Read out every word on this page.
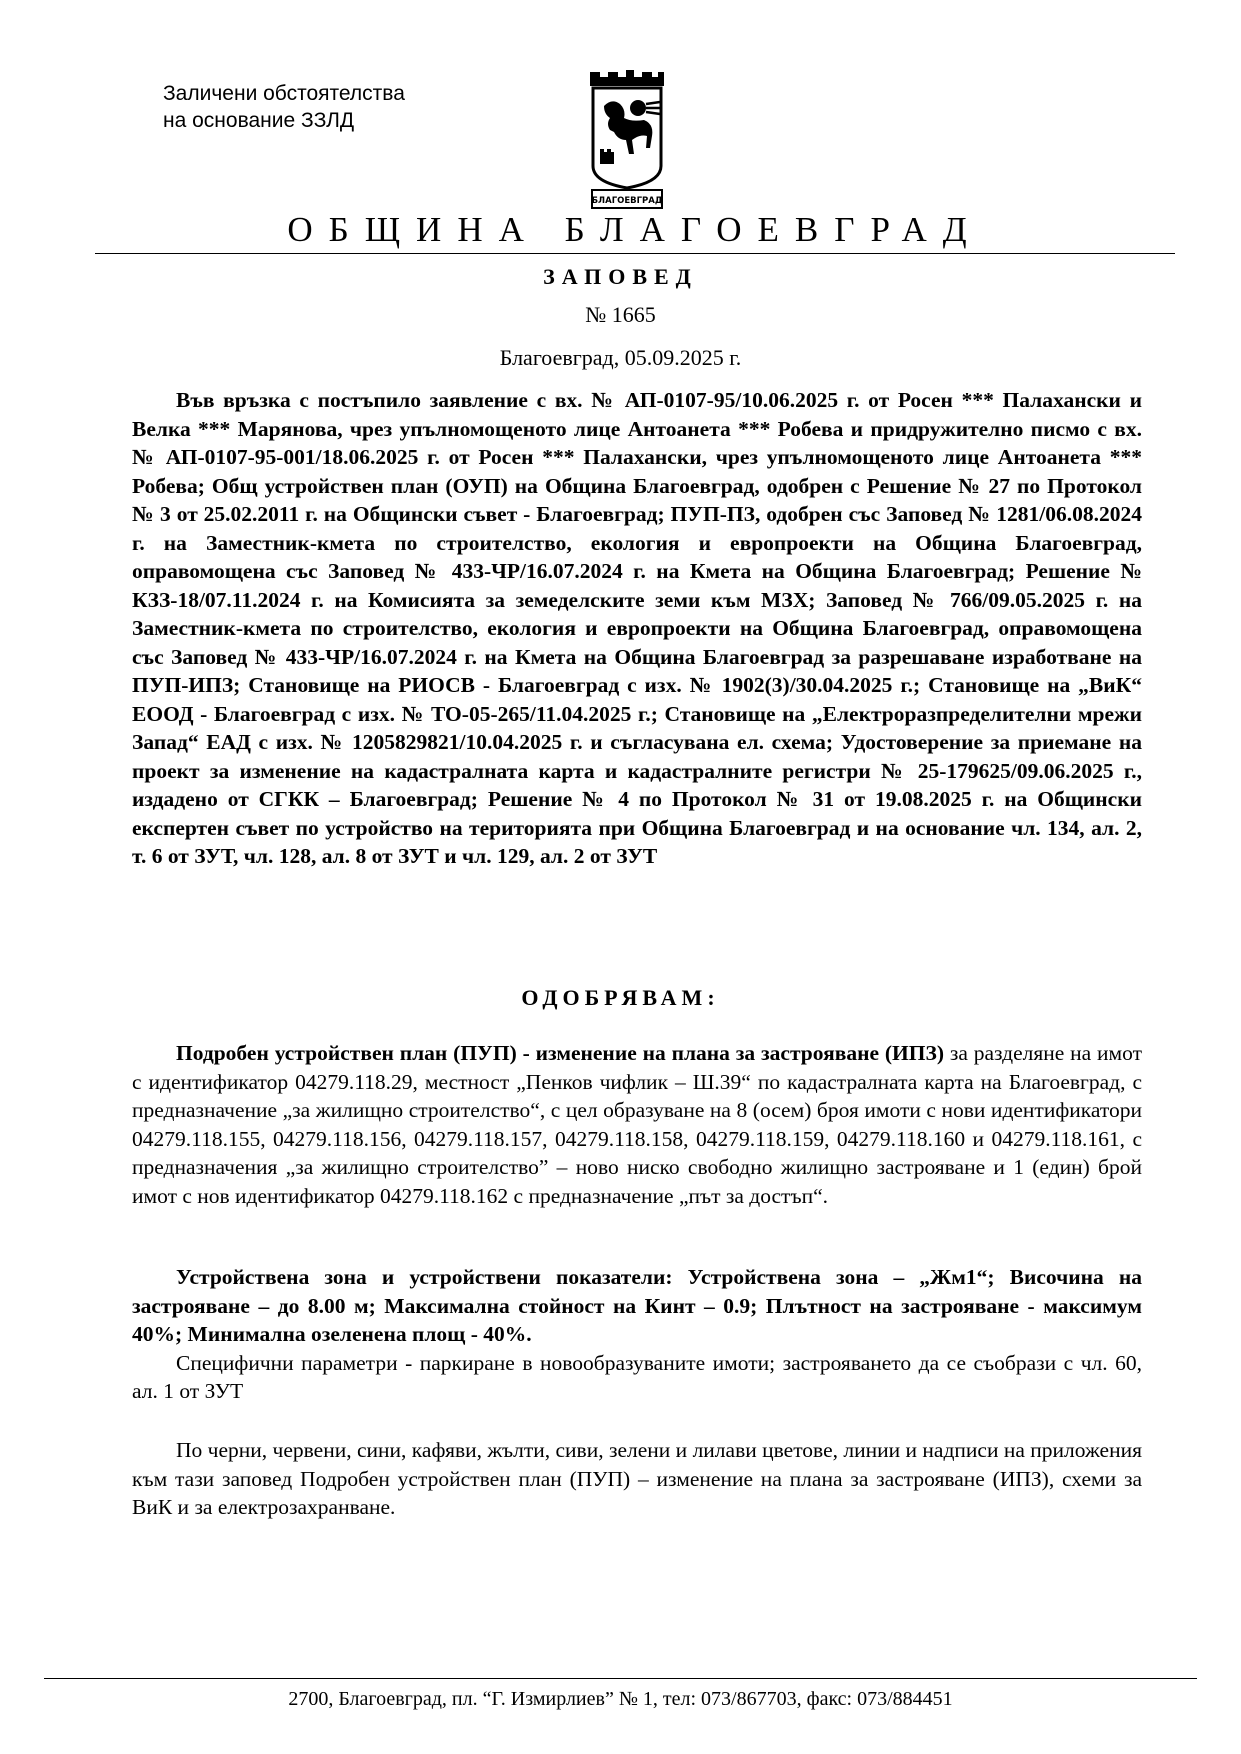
Заличени обстоятелства
на основание ЗЗЛД
БЛАГОЕВГРАД
ОБЩИНА БЛАГОЕВГРАД
ЗАПОВЕД
№ 1665
Благоевград, 05.09.2025 г.

Във връзка с постъпило заявление с вх. № АП-0107-95/10.06.2025 г. от Росен *** Палахански и Велка *** Марянова, чрез упълномощеното лице Антоанета *** Робева и придружително писмо с вх. № АП-0107-95-001/18.06.2025 г. от Росен *** Палахански, чрез упълномощеното лице Антоанета *** Робева; Общ устройствен план (ОУП) на Община Благоевград, одобрен с Решение № 27 по Протокол № 3 от 25.02.2011 г. на Общински съвет - Благоевград; ПУП-ПЗ, одобрен със Заповед № 1281/06.08.2024 г. на Заместник-кмета по строителство, екология и европроекти на Община Благоевград, оправомощена със Заповед № 433-ЧР/16.07.2024 г. на Кмета на Община Благоевград; Решение № КЗЗ-18/07.11.2024 г. на Комисията за земеделските земи към МЗХ; Заповед № 766/09.05.2025 г. на Заместник-кмета по строителство, екология и европроекти на Община Благоевград, оправомощена със Заповед № 433-ЧР/16.07.2024 г. на Кмета на Община Благоевград за разрешаване изработване на ПУП-ИПЗ; Становище на РИОСВ - Благоевград с изх. № 1902(3)/30.04.2025 г.; Становище на „ВиК“ ЕООД - Благоевград с изх. № ТО-05-265/11.04.2025 г.; Становище на „Електроразпределителни мрежи Запад“ ЕАД с изх. № 1205829821/10.04.2025 г. и съгласувана ел. схема; Удостоверение за приемане на проект за изменение на кадастралната карта и кадастралните регистри № 25-179625/09.06.2025 г., издадено от СГКК – Благоевград; Решение № 4 по Протокол № 31 от 19.08.2025 г. на Общински експертен съвет по устройство на територията при Община Благоевград и на основание чл. 134, ал. 2, т. 6 от ЗУТ, чл. 128, ал. 8 от ЗУТ и чл. 129, ал. 2 от ЗУТ

ОДОБРЯВАМ:

Подробен устройствен план (ПУП) - изменение на плана за застрояване (ИПЗ) за разделяне на имот с идентификатор 04279.118.29, местност „Пенков чифлик – Ш.39“ по кадастралната карта на Благоевград, с предназначение „за жилищно строителство“, с цел образуване на 8 (осем) броя имоти с нови идентификатори 04279.118.155, 04279.118.156, 04279.118.157, 04279.118.158, 04279.118.159, 04279.118.160 и 04279.118.161, с предназначения „за жилищно строителство” – ново ниско свободно жилищно застрояване и 1 (един) брой имот с нов идентификатор 04279.118.162 с предназначение „път за достъп“.

Устройствена зона и устройствени показатели: Устройствена зона – „Жм1“; Височина на застрояване – до 8.00 м; Максимална стойност на Кинт – 0.9; Плътност на застрояване - максимум 40%; Минимална озеленена площ - 40%.

Специфични параметри - паркиране в новообразуваните имоти; застрояването да се съобрази с чл. 60, ал. 1 от ЗУТ

По черни, червени, сини, кафяви, жълти, сиви, зелени и лилави цветове, линии и надписи на приложения към тази заповед Подробен устройствен план (ПУП) – изменение на плана за застрояване (ИПЗ), схеми за ВиК и за електрозахранване.

2700, Благоевград, пл. “Г. Измирлиев” № 1, тел: 073/867703, факс: 073/884451
